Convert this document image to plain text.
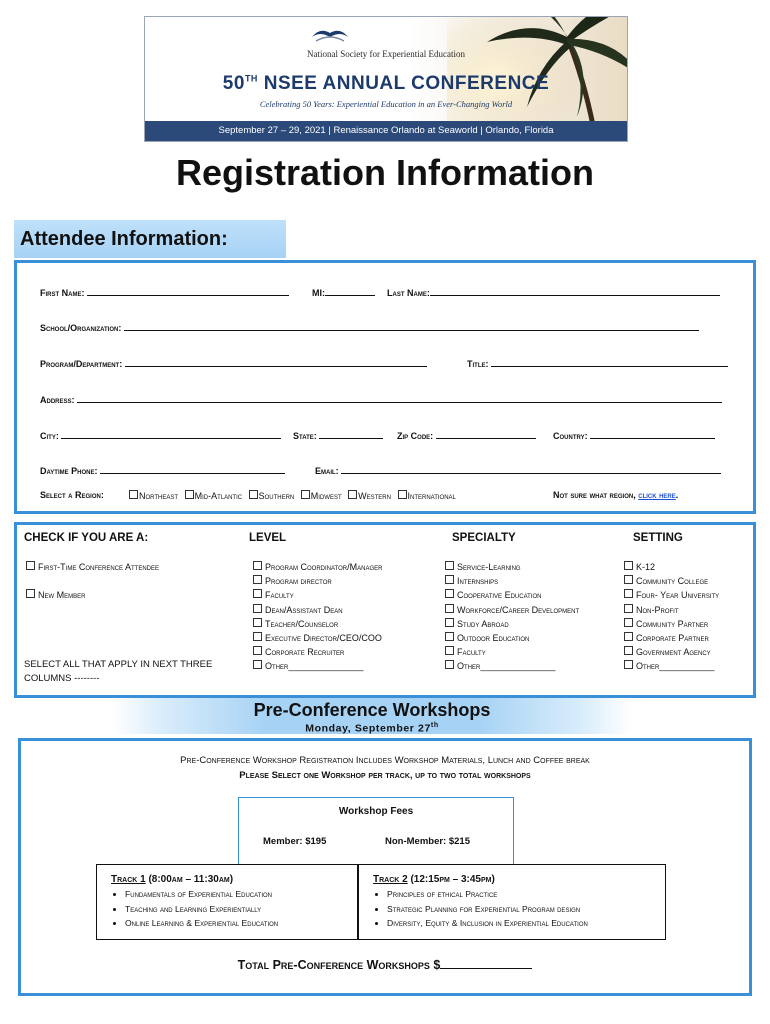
National Society for Experiential Education
50TH NSEE ANNUAL CONFERENCE
Celebrating 50 Years: Experiential Education in an Ever-Changing World
September 27 – 29, 2021 | Renaissance Orlando at Seaworld | Orlando, Florida
Registration Information
Attendee Information:
First Name:	MI:	Last Name:
School/Organization:
Program/Department:	Title:
Address:
City:	State:	Zip Code:	Country:
Daytime Phone:	Email:
Select a Region:	Northeast Mid-Atlantic Southern Midwest Western International	Not sure what region, click here.
CHECK IF YOU ARE A:
First-Time Conference Attendee
New Member
SELECT ALL THAT APPLY IN NEXT THREE COLUMNS --------
LEVEL
Program Coordinator/Manager
Program director
Faculty
Dean/Assistant Dean
Teacher/Counselor
Executive Director/CEO/COO
Corporate Recruiter
Other_______________
SPECIALTY
Service-Learning
Internships
Cooperative Education
Workforce/Career Development
Study Abroad
Outdoor Education
Faculty
Other_______________
SETTING
K-12
Community College
Four- Year University
Non-Profit
Community Partner
Corporate Partner
Government Agency
Other___________
Pre-Conference Workshops
Monday, September 27th
Pre-Conference Workshop Registration Includes Workshop Materials, Lunch and Coffee break
Please Select one Workshop per track, up to two total workshops
Workshop Fees
Member: $195	Non-Member: $215
Track 1 (8:00am – 11:30am)
• Fundamentals of Experiential Education
• Teaching and Learning Experientially
• Online Learning & Experiential Education
Track 2 (12:15pm – 3:45pm)
• Principles of ethical Practice
• Strategic Planning for Experiential Program design
• Diversity, Equity & Inclusion in Experiential Education
Total Pre-Conference Workshops $
